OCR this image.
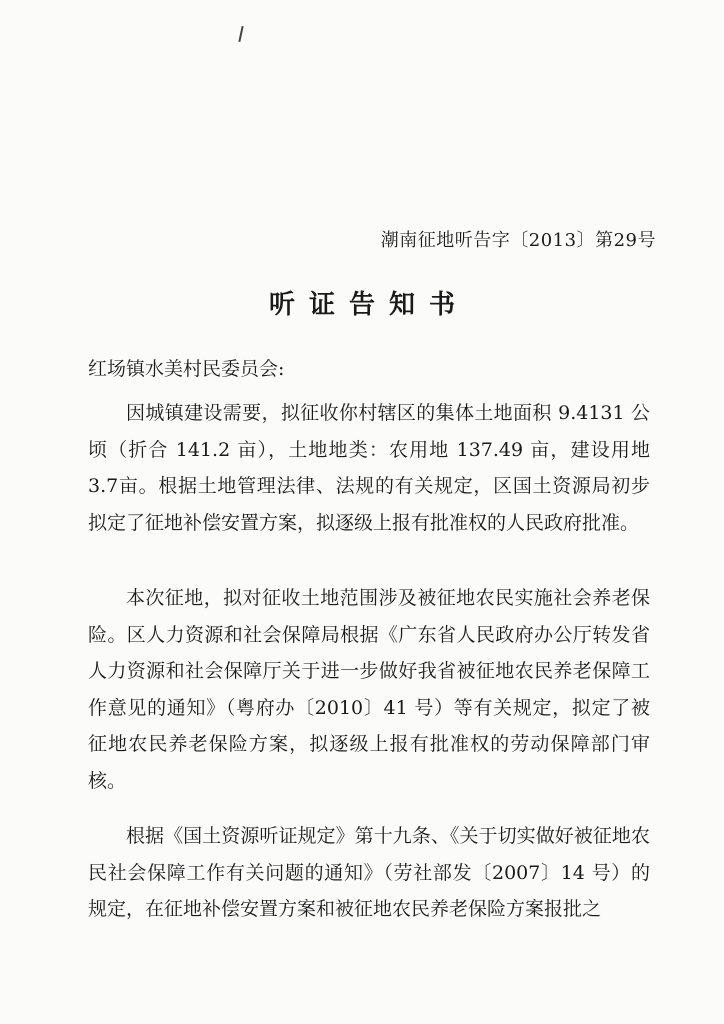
潮南征地听告字〔2013〕第29号
听证告知书
红场镇水美村民委员会:

因城镇建设需要，拟征收你村辖区的集体土地面积 9.4131 公顷（折合 141.2 亩），土地地类：农用地 137.49 亩，建设用地 3.7亩。根据土地管理法律、法规的有关规定，区国土资源局初步拟定了征地补偿安置方案，拟逐级上报有批准权的人民政府批准。

本次征地，拟对征收土地范围涉及被征地农民实施社会养老保险。区人力资源和社会保障局根据《广东省人民政府办公厅转发省人力资源和社会保障厅关于进一步做好我省被征地农民养老保障工作意见的通知》（粤府办〔2010〕41 号）等有关规定，拟定了被征地农民养老保险方案，拟逐级上报有批准权的劳动保障部门审核。

根据《国土资源听证规定》第十九条、《关于切实做好被征地农民社会保障工作有关问题的通知》（劳社部发〔2007〕14 号）的规定，在征地补偿安置方案和被征地农民养老保险方案报批之
